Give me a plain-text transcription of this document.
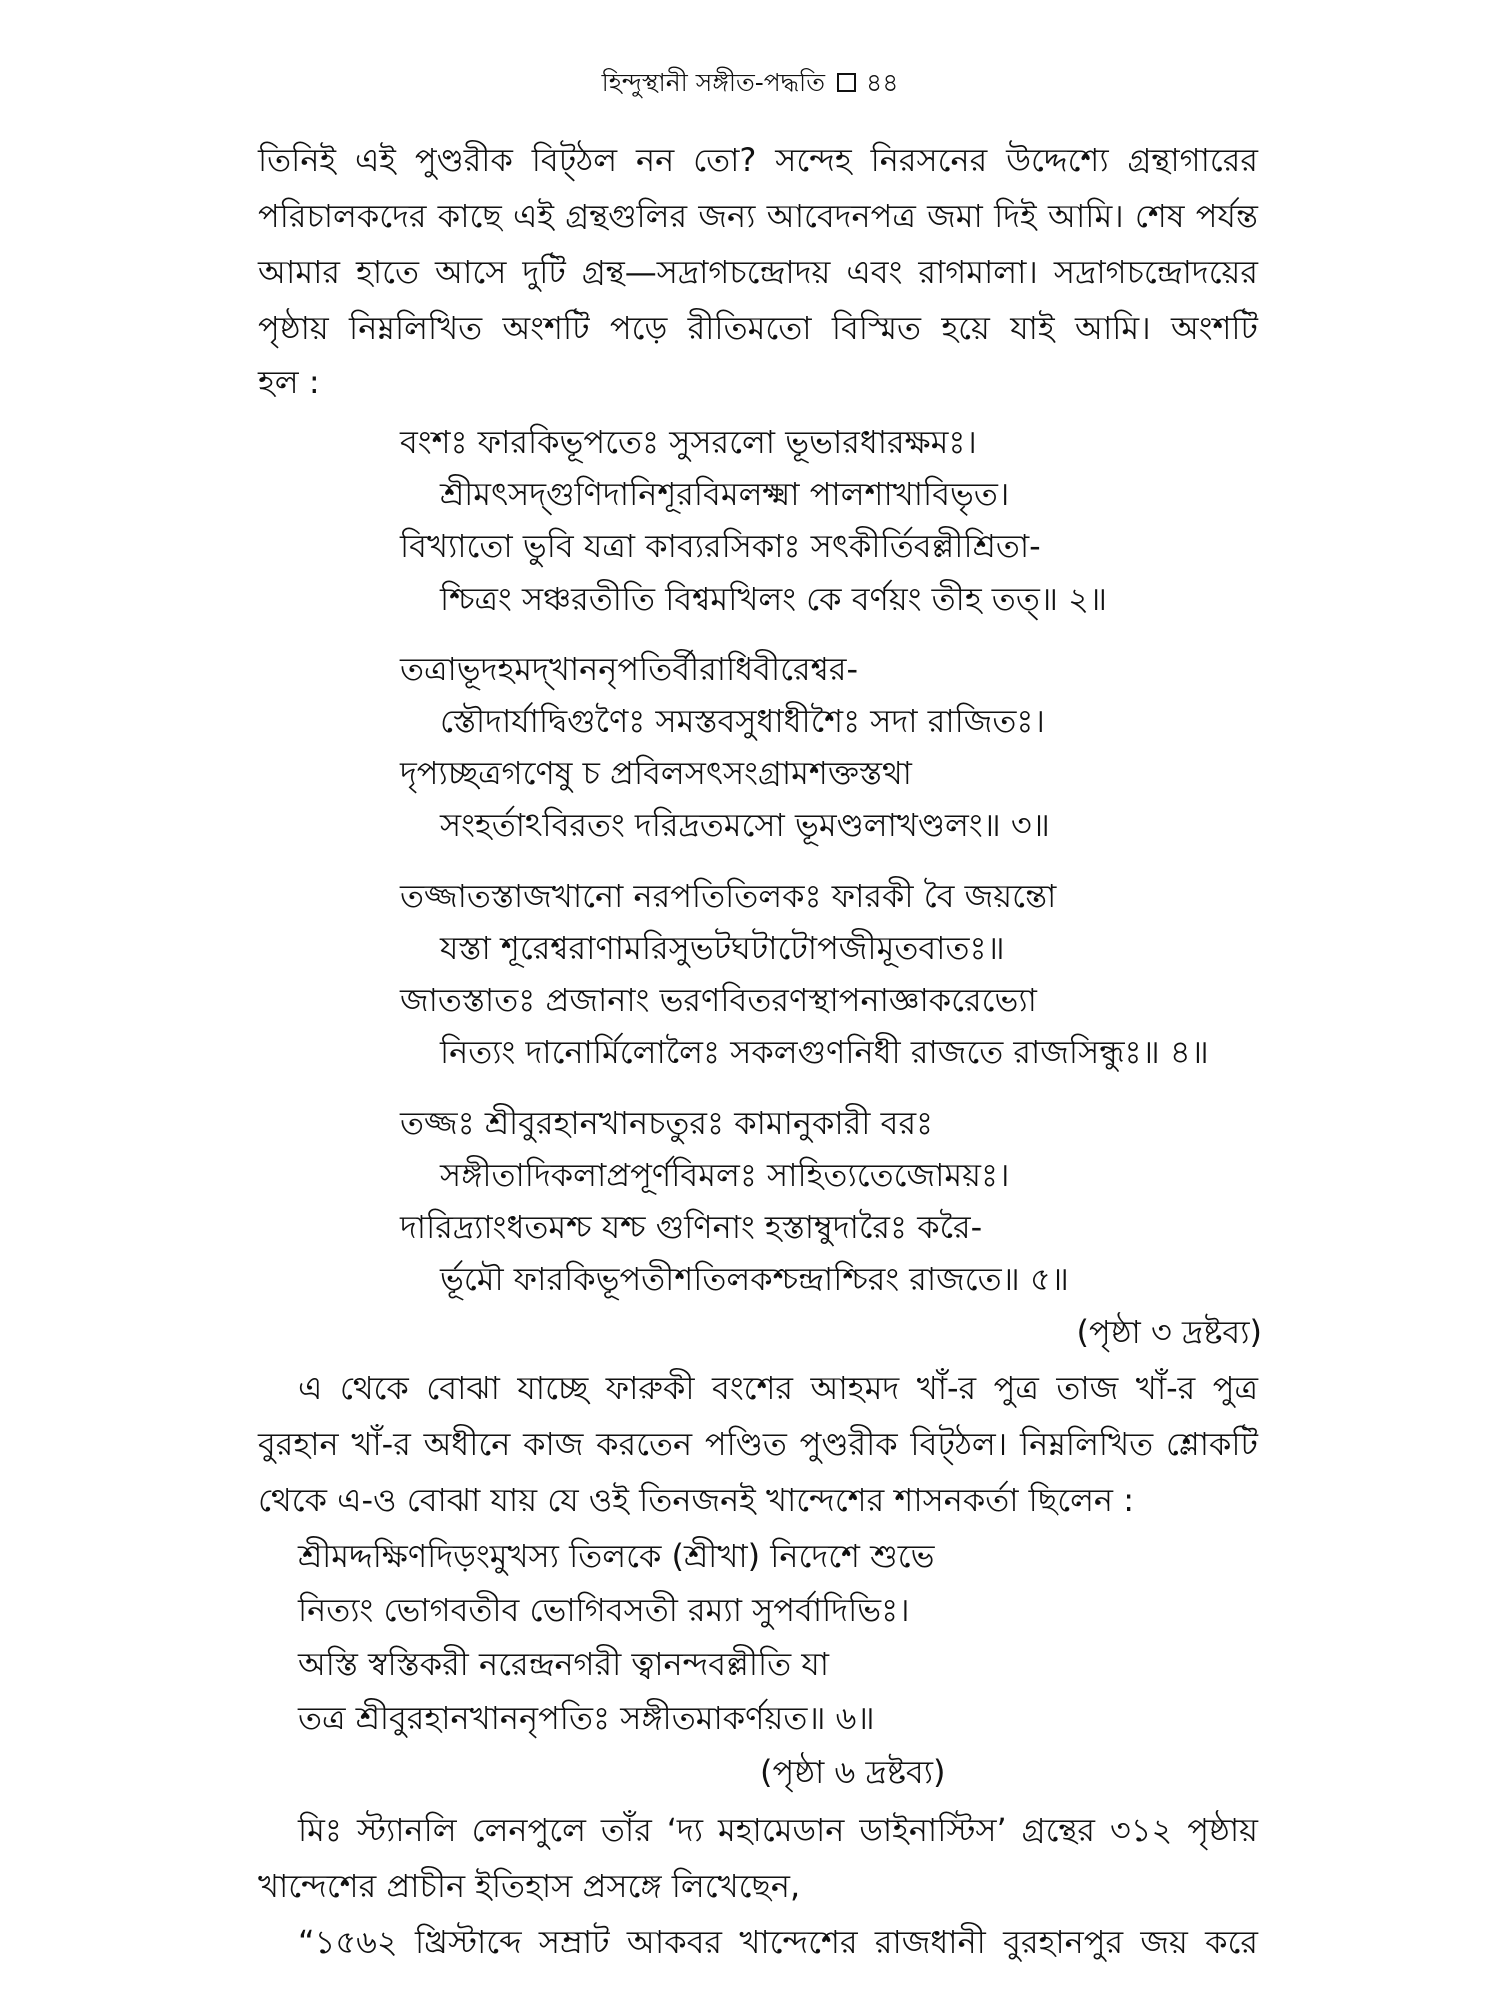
হিন্দুস্থানী সঙ্গীত-পদ্ধতি ৪৪
তিনিই এই পুণ্ডরীক বিট্ঠল নন তো? সন্দেহ নিরসনের উদ্দেশ্যে গ্রন্থাগারের
পরিচালকদের কাছে এই গ্রন্থগুলির জন্য আবেদনপত্র জমা দিই আমি। শেষ পর্যন্ত
আমার হাতে আসে দুটি গ্রন্থ—সদ্রাগচন্দ্রোদয় এবং রাগমালা। সদ্রাগচন্দ্রোদয়ের
পৃষ্ঠায় নিম্নলিখিত অংশটি পড়ে রীতিমতো বিস্মিত হয়ে যাই আমি। অংশটি
হল :
বংশঃ ফারকিভূপতেঃ সুসরলো ভূভারধারক্ষমঃ।
শ্রীমৎসদ্গুণিদানিশূরবিমলক্ষ্মা পালশাখাবিভৃত।
বিখ্যাতো ভুবি যত্রা কাব্যরসিকাঃ সৎকীর্তিবল্লীশ্রিতা-
শ্চিত্রং সঞ্চরতীতি বিশ্বমখিলং কে বর্ণয়ং তীহ তত্॥ ২॥
তত্রাভূদহমদ্খাননৃপতির্বীরাধিবীরেশ্বর-
স্তৌদার্যাদ্বিগুণৈঃ সমস্তবসুধাধীশৈঃ সদা রাজিতঃ।
দৃপ্যচ্ছত্রগণেষু চ প্রবিলসৎসংগ্রামশক্তস্তথা
সংহর্তাঽবিরতং দরিদ্রতমসো ভূমণ্ডলাখণ্ডলং॥ ৩॥
তজ্জাতস্তাজখানো নরপতিতিলকঃ ফারকী বৈ জয়ন্তো
যস্তা শূরেশ্বরাণামরিসুভটঘটাটোপজীমূতবাতঃ॥
জাতস্তাতঃ প্রজানাং ভরণবিতরণস্থাপনাজ্ঞাকরেভ্যো
নিত্যং দানোর্মিলোলৈঃ সকলগুণনিধী রাজতে রাজসিন্ধুঃ॥ ৪॥
তজ্জঃ শ্রীবুরহানখানচতুরঃ কামানুকারী বরঃ
সঙ্গীতাদিকলাপ্রপূর্ণবিমলঃ সাহিত্যতেজোময়ঃ।
দারিদ্র্যাংধতমশ্চ যশ্চ গুণিনাং হস্তাম্বুদারৈঃ করৈ-
র্ভূমৌ ফারকিভূপতীশতিলকশ্চন্দ্রাশ্চিরং রাজতে॥ ৫॥
(পৃষ্ঠা ৩ দ্রষ্টব্য)
এ থেকে বোঝা যাচ্ছে ফারুকী বংশের আহমদ খাঁ-র পুত্র তাজ খাঁ-র পুত্র
বুরহান খাঁ-র অধীনে কাজ করতেন পণ্ডিত পুণ্ডরীক বিট্ঠল। নিম্নলিখিত শ্লোকটি
থেকে এ-ও বোঝা যায় যে ওই তিনজনই খান্দেশের শাসনকর্তা ছিলেন :
শ্রীমদ্দক্ষিণদিড়ংমুখস্য তিলকে (শ্রীখা) নিদেশে শুভে
নিত্যং ভোগবতীব ভোগিবসতী রম্যা সুপর্বাদিভিঃ।
অস্তি স্বস্তিকরী নরেন্দ্রনগরী ত্বানন্দবল্লীতি যা
তত্র শ্রীবুরহানখাননৃপতিঃ সঙ্গীতমাকর্ণয়ত॥ ৬॥
(পৃষ্ঠা ৬ দ্রষ্টব্য)
মিঃ স্ট্যানলি লেনপুলে তাঁর ‘দ্য মহামেডান ডাইনাস্টিস’ গ্রন্থের ৩১২ পৃষ্ঠায়
খান্দেশের প্রাচীন ইতিহাস প্রসঙ্গে লিখেছেন,
“১৫৬২ খ্রিস্টাব্দে সম্রাট আকবর খান্দেশের রাজধানী বুরহানপুর জয় করে
